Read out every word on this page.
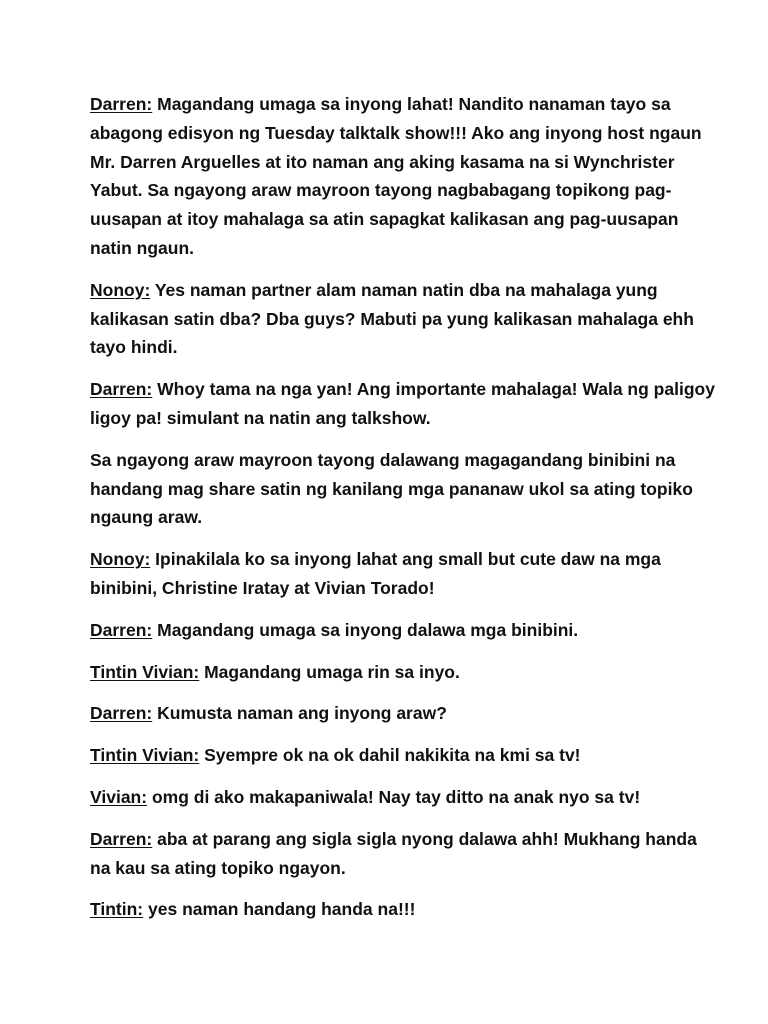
Darren: Magandang umaga sa inyong lahat! Nandito nanaman tayo sa abagong edisyon ng Tuesday talktalk show!!! Ako ang inyong host ngaun Mr. Darren Arguelles at ito naman ang aking kasama na si Wynchrister Yabut. Sa ngayong araw mayroon tayong nagbabagang topikong pag-uusapan at itoy mahalaga sa atin sapagkat kalikasan ang pag-uusapan natin ngaun.

Nonoy: Yes naman partner alam naman natin dba na mahalaga yung kalikasan satin dba? Dba guys? Mabuti pa yung kalikasan mahalaga ehh tayo hindi.

Darren: Whoy tama na nga yan! Ang importante mahalaga! Wala ng paligoy ligoy pa! simulant na natin ang talkshow.

Sa ngayong araw mayroon tayong dalawang magagandang binibini na handang mag share satin ng kanilang mga pananaw ukol sa ating topiko ngaung araw.

Nonoy: Ipinakilala ko sa inyong lahat ang small but cute daw na mga binibini, Christine Iratay at Vivian Torado!

Darren: Magandang umaga sa inyong dalawa mga binibini.

Tintin Vivian: Magandang umaga rin sa inyo.

Darren: Kumusta naman ang inyong araw?

Tintin Vivian: Syempre ok na ok dahil nakikita na kmi sa tv!

Vivian: omg di ako makapaniwala! Nay tay ditto na anak nyo sa tv!

Darren: aba at parang ang sigla sigla nyong dalawa ahh! Mukhang handa na kau sa ating topiko ngayon.

Tintin: yes naman handang handa na!!!
